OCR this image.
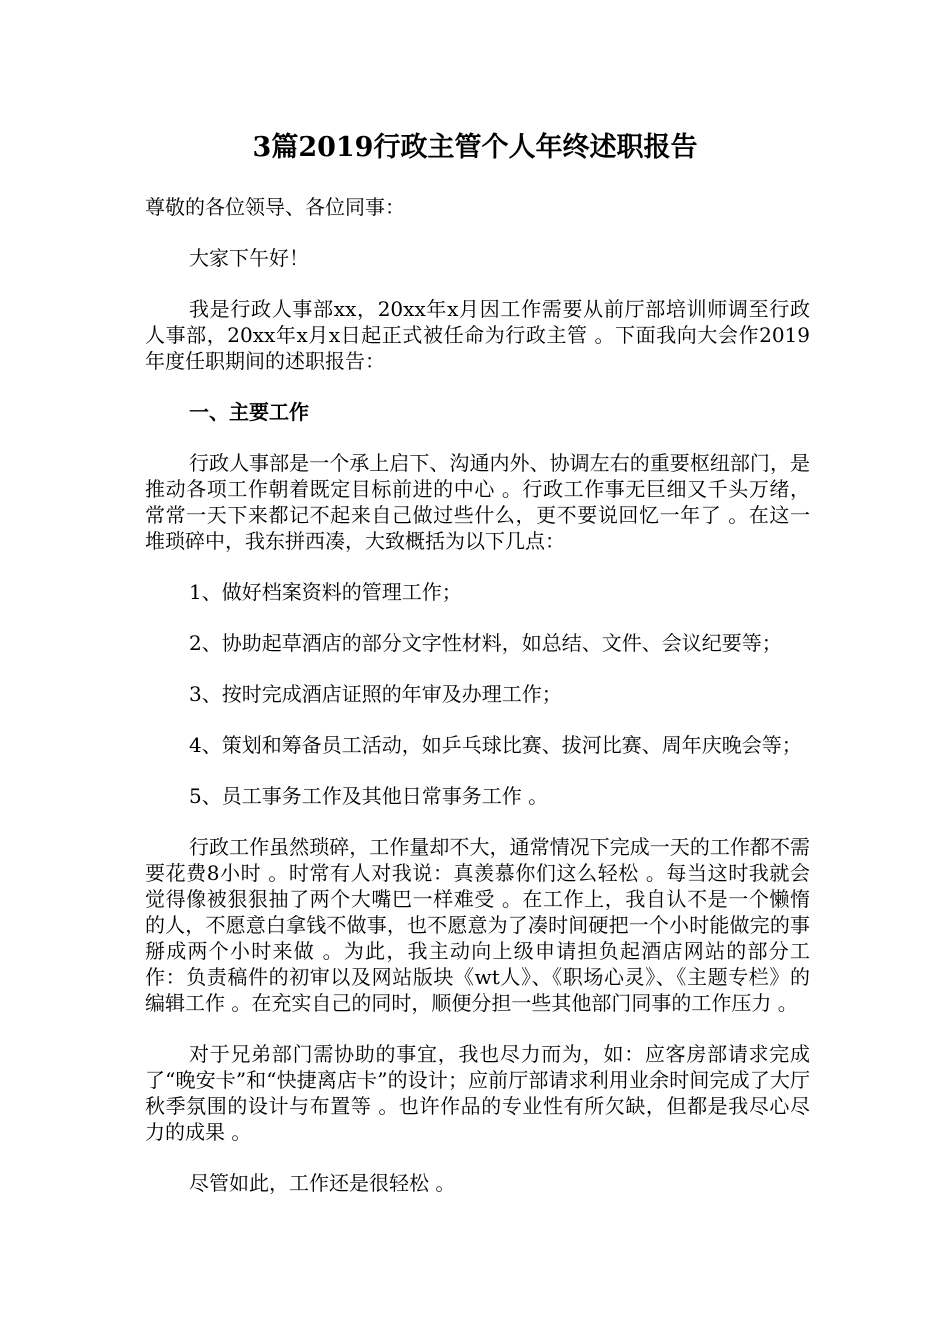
3篇2019行政主管个人年终述职报告

尊敬的各位领导、各位同事：

大家下午好！

我是行政人事部xx，20xx年x月因工作需要从前厅部培训师调至行政人事部，20xx年x月x日起正式被任命为行政主管 。下面我向大会作2019年度任职期间的述职报告：

一、主要工作

行政人事部是一个承上启下、沟通内外、协调左右的重要枢纽部门，是推动各项工作朝着既定目标前进的中心 。行政工作事无巨细又千头万绪，常常一天下来都记不起来自己做过些什么，更不要说回忆一年了 。在这一堆琐碎中，我东拼西凑，大致概括为以下几点：

1、做好档案资料的管理工作；

2、协助起草酒店的部分文字性材料，如总结、文件、会议纪要等；

3、按时完成酒店证照的年审及办理工作；

4、策划和筹备员工活动，如乒乓球比赛、拔河比赛、周年庆晚会等；

5、员工事务工作及其他日常事务工作 。

行政工作虽然琐碎，工作量却不大，通常情况下完成一天的工作都不需要花费8小时 。时常有人对我说：真羡慕你们这么轻松 。每当这时我就会觉得像被狠狠抽了两个大嘴巴一样难受 。在工作上，我自认不是一个懒惰的人，不愿意白拿钱不做事，也不愿意为了凑时间硬把一个小时能做完的事掰成两个小时来做 。为此，我主动向上级申请担负起酒店网站的部分工作：负责稿件的初审以及网站版块《wt人》、《职场心灵》、《主题专栏》的编辑工作 。在充实自己的同时，顺便分担一些其他部门同事的工作压力 。

对于兄弟部门需协助的事宜，我也尽力而为，如：应客房部请求完成了“晚安卡”和“快捷离店卡”的设计；应前厅部请求利用业余时间完成了大厅秋季氛围的设计与布置等 。也许作品的专业性有所欠缺，但都是我尽心尽力的成果 。

尽管如此，工作还是很轻松 。
